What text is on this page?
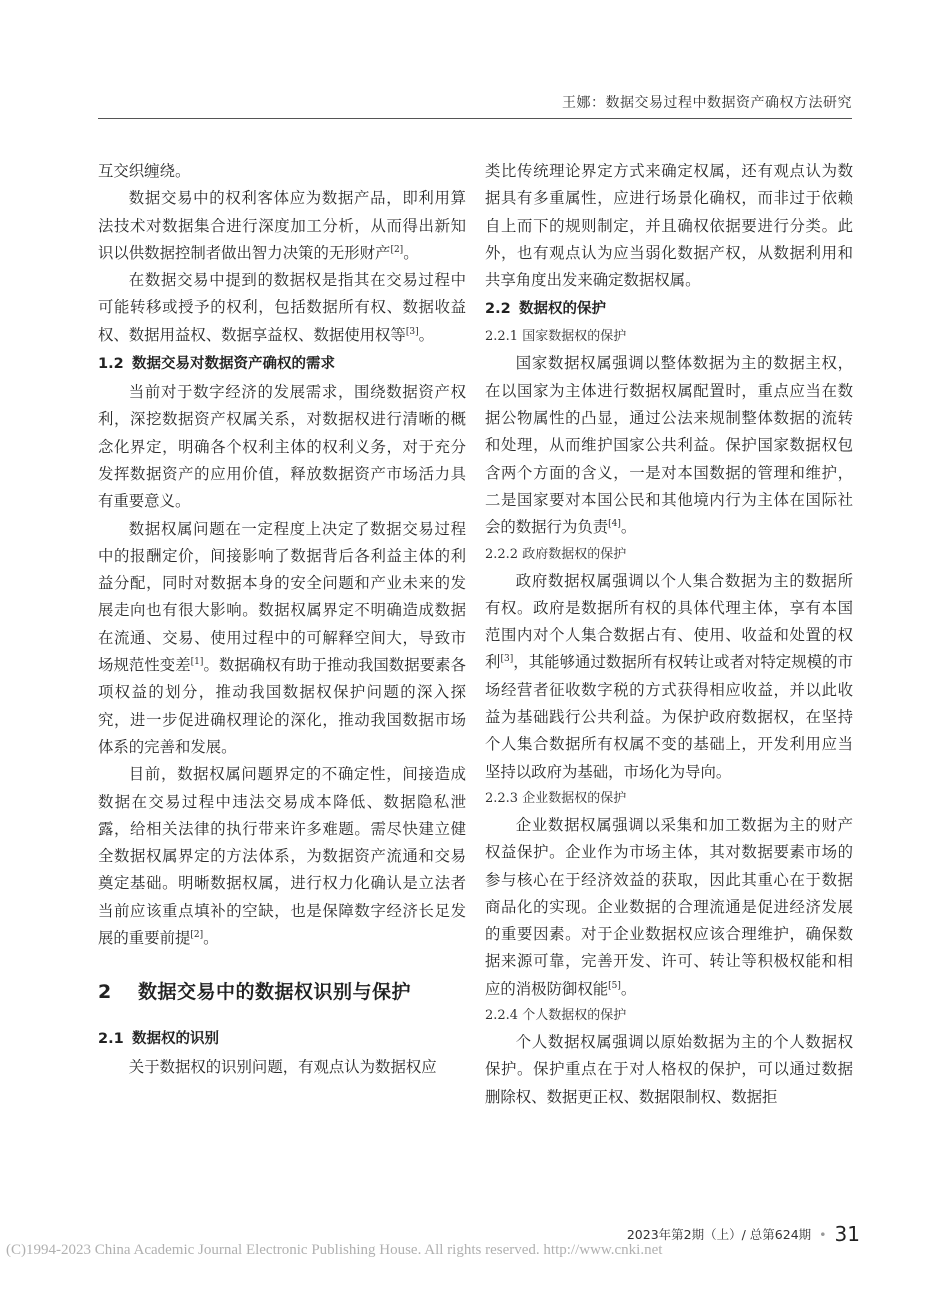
王娜：数据交易过程中数据资产确权方法研究

互交织缠绕。

数据交易中的权利客体应为数据产品，即利用算法技术对数据集合进行深度加工分析，从而得出新知识以供数据控制者做出智力决策的无形财产[2]。

在数据交易中提到的数据权是指其在交易过程中可能转移或授予的权利，包括数据所有权、数据收益权、数据用益权、数据享益权、数据使用权等[3]。

1.2 数据交易对数据资产确权的需求

当前对于数字经济的发展需求，围绕数据资产权利，深挖数据资产权属关系，对数据权进行清晰的概念化界定，明确各个权利主体的权利义务，对于充分发挥数据资产的应用价值，释放数据资产市场活力具有重要意义。

数据权属问题在一定程度上决定了数据交易过程中的报酬定价，间接影响了数据背后各利益主体的利益分配，同时对数据本身的安全问题和产业未来的发展走向也有很大影响。数据权属界定不明确造成数据在流通、交易、使用过程中的可解释空间大，导致市场规范性变差[1]。数据确权有助于推动我国数据要素各项权益的划分，推动我国数据权保护问题的深入探究，进一步促进确权理论的深化，推动我国数据市场体系的完善和发展。

目前，数据权属问题界定的不确定性，间接造成数据在交易过程中违法交易成本降低、数据隐私泄露，给相关法律的执行带来许多难题。需尽快建立健全数据权属界定的方法体系，为数据资产流通和交易奠定基础。明晰数据权属，进行权力化确认是立法者当前应该重点填补的空缺，也是保障数字经济长足发展的重要前提[2]。

2 数据交易中的数据权识别与保护
2.1 数据权的识别

关于数据权的识别问题，有观点认为数据权应

类比传统理论界定方式来确定权属，还有观点认为数据具有多重属性，应进行场景化确权，而非过于依赖自上而下的规则制定，并且确权依据要进行分类。此外，也有观点认为应当弱化数据产权，从数据利用和共享角度出发来确定数据权属。

2.2 数据权的保护
2.2.1 国家数据权的保护

国家数据权属强调以整体数据为主的数据主权，在以国家为主体进行数据权属配置时，重点应当在数据公物属性的凸显，通过公法来规制整体数据的流转和处理，从而维护国家公共利益。保护国家数据权包含两个方面的含义，一是对本国数据的管理和维护，二是国家要对本国公民和其他境内行为主体在国际社会的数据行为负责[4]。

2.2.2 政府数据权的保护

政府数据权属强调以个人集合数据为主的数据所有权。政府是数据所有权的具体代理主体，享有本国范围内对个人集合数据占有、使用、收益和处置的权利[3]，其能够通过数据所有权转让或者对特定规模的市场经营者征收数字税的方式获得相应收益，并以此收益为基础践行公共利益。为保护政府数据权，在坚持个人集合数据所有权属不变的基础上，开发利用应当坚持以政府为基础，市场化为导向。

2.2.3 企业数据权的保护

企业数据权属强调以采集和加工数据为主的财产权益保护。企业作为市场主体，其对数据要素市场的参与核心在于经济效益的获取，因此其重心在于数据商品化的实现。企业数据的合理流通是促进经济发展的重要因素。对于企业数据权应该合理维护，确保数据来源可靠，完善开发、许可、转让等积极权能和相应的消极防御权能[5]。

2.2.4 个人数据权的保护

个人数据权属强调以原始数据为主的个人数据权保护。保护重点在于对人格权的保护，可以通过数据删除权、数据更正权、数据限制权、数据拒

2023年第2期（上）/ 总第624期 • 31
(C)1994-2023 China Academic Journal Electronic Publishing House. All rights reserved. http://www.cnki.net
